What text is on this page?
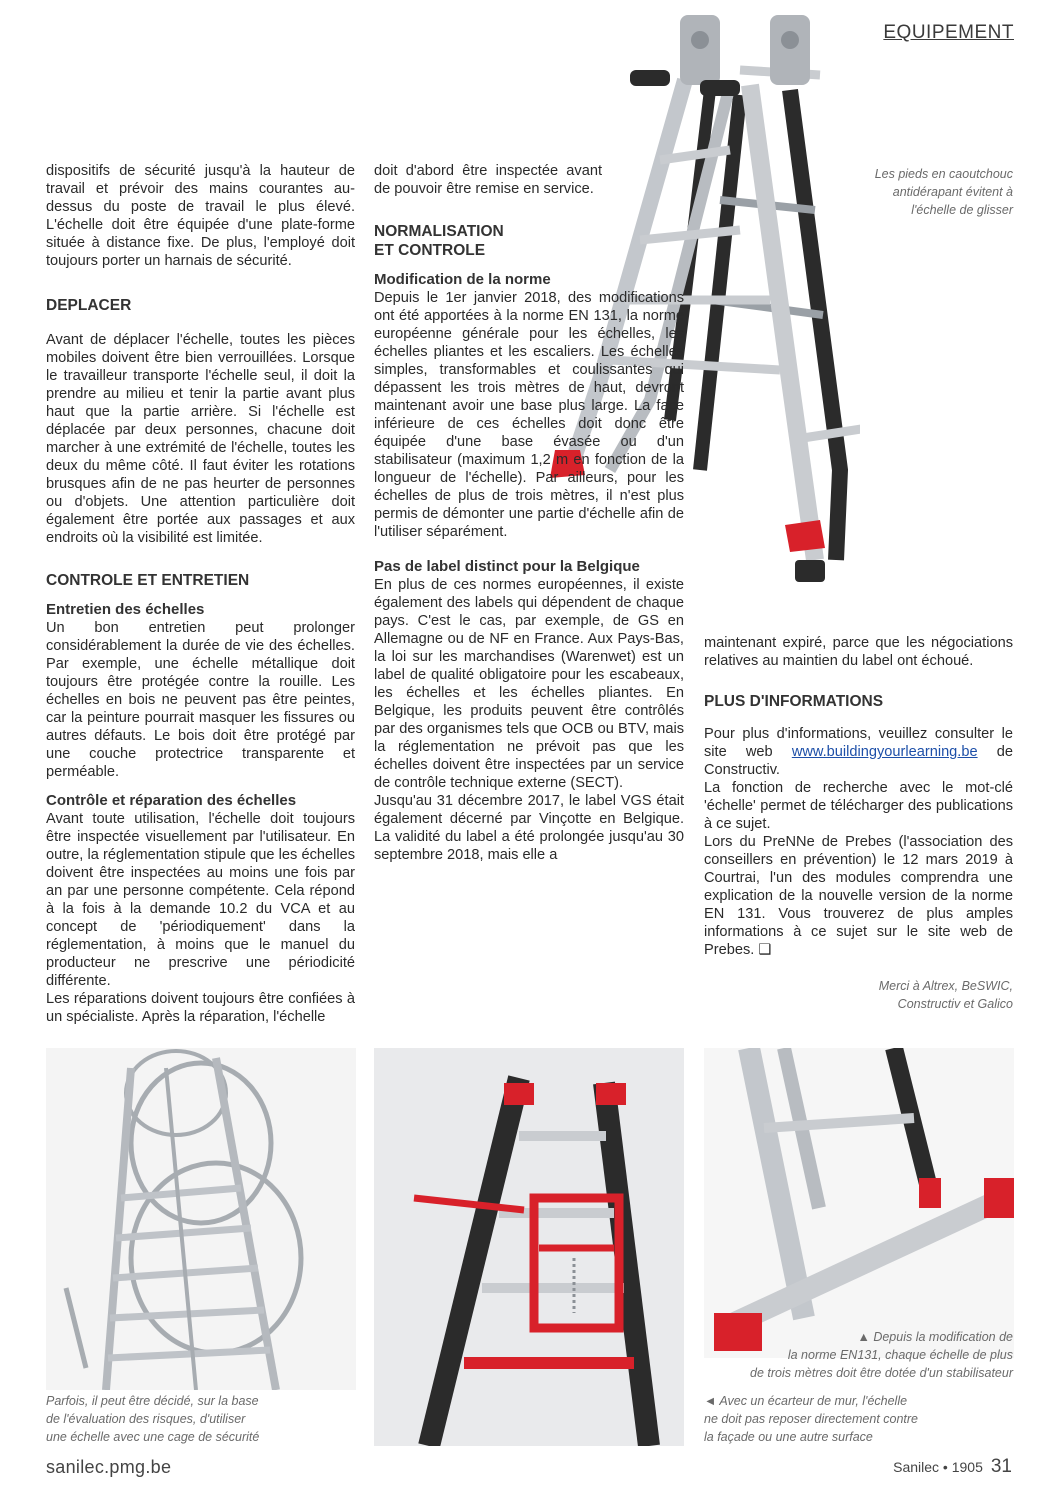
EQUIPEMENT
Les pieds en caoutchouc
antidérapant évitent à
l'échelle de glisser

dispositifs de sécurité jusqu'à la hauteur de travail et prévoir des mains courantes au-dessus du poste de travail le plus élevé. L'échelle doit être équipée d'une plate-forme située à distance fixe. De plus, l'employé doit toujours porter un harnais de sécurité.

DEPLACER

Avant de déplacer l'échelle, toutes les pièces mobiles doivent être bien verrouillées. Lorsque le travailleur transporte l'échelle seul, il doit la prendre au milieu et tenir la partie avant plus haut que la partie arrière. Si l'échelle est déplacée par deux personnes, chacune doit marcher à une extrémité de l'échelle, toutes les deux du même côté. Il faut éviter les rotations brusques afin de ne pas heurter de personnes ou d'objets. Une attention particulière doit également être portée aux passages et aux endroits où la visibilité est limitée.

CONTROLE ET ENTRETIEN
Entretien des échelles

Un bon entretien peut prolonger considérablement la durée de vie des échelles. Par exemple, une échelle métallique doit toujours être protégée contre la rouille. Les échelles en bois ne peuvent pas être peintes, car la peinture pourrait masquer les fissures ou autres défauts. Le bois doit être protégé par une couche protectrice transparente et perméable.

Contrôle et réparation des échelles

Avant toute utilisation, l'échelle doit toujours être inspectée visuellement par l'utilisateur. En outre, la réglementation stipule que les échelles doivent être inspectées au moins une fois par an par une personne compétente. Cela répond à la fois à la demande 10.2 du VCA et au concept de 'périodiquement' dans la réglementation, à moins que le manuel du producteur ne prescrive une périodicité différente.

Les réparations doivent toujours être confiées à un spécialiste. Après la réparation, l'échelle

doit d'abord être inspectée avant de pouvoir être remise en service.

NORMALISATION
ET CONTROLE
Modification de la norme

Depuis le 1er janvier 2018, des modifications ont été apportées à la norme EN 131, la norme européenne générale pour les échelles, les échelles pliantes et les escaliers. Les échelles simples, transformables et coulissantes qui dépassent les trois mètres de haut, devront maintenant avoir une base plus large. La face inférieure de ces échelles doit donc être équipée d'une base évasée ou d'un stabilisateur (maximum 1,2 m en fonction de la longueur de l'échelle). Par ailleurs, pour les échelles de plus de trois mètres, il n'est plus permis de démonter une partie d'échelle afin de l'utiliser séparément.

Pas de label distinct pour la Belgique

En plus de ces normes européennes, il existe également des labels qui dépendent de chaque pays. C'est le cas, par exemple, de GS en Allemagne ou de NF en France. Aux Pays-Bas, la loi sur les marchandises (Warenwet) est un label de qualité obligatoire pour les escabeaux, les échelles et les échelles pliantes. En Belgique, les produits peuvent être contrôlés par des organismes tels que OCB ou BTV, mais la réglementation ne prévoit pas que les échelles doivent être inspectées par un service de contrôle technique externe (SECT).

Jusqu'au 31 décembre 2017, le label VGS était également décerné par Vinçotte en Belgique. La validité du label a été prolongée jusqu'au 30 septembre 2018, mais elle a

maintenant expiré, parce que les négociations relatives au maintien du label ont échoué.

PLUS D'INFORMATIONS

Pour plus d'informations, veuillez consulter le site web www.buildingyourlearning.be de Constructiv.

La fonction de recherche avec le mot-clé 'échelle' permet de télécharger des publications à ce sujet.

Lors du PreNNe de Prebes (l'association des conseillers en prévention) le 12 mars 2019 à Courtrai, l'un des modules comprendra une explication de la nouvelle version de la norme EN 131. Vous trouverez de plus amples informations à ce sujet sur le site web de Prebes. ❑

Merci à Altrex, BeSWIC,
Constructiv et Galico
Parfois, il peut être décidé, sur la base
de l'évaluation des risques, d'utiliser
une échelle avec une cage de sécurité
▲ Depuis la modification de
la norme EN131, chaque échelle de plus
de trois mètres doit être dotée d'un stabilisateur
◄ Avec un écarteur de mur, l'échelle
ne doit pas reposer directement contre
la façade ou une autre surface
sanilec.pmg.be	Sanilec • 1905 31
